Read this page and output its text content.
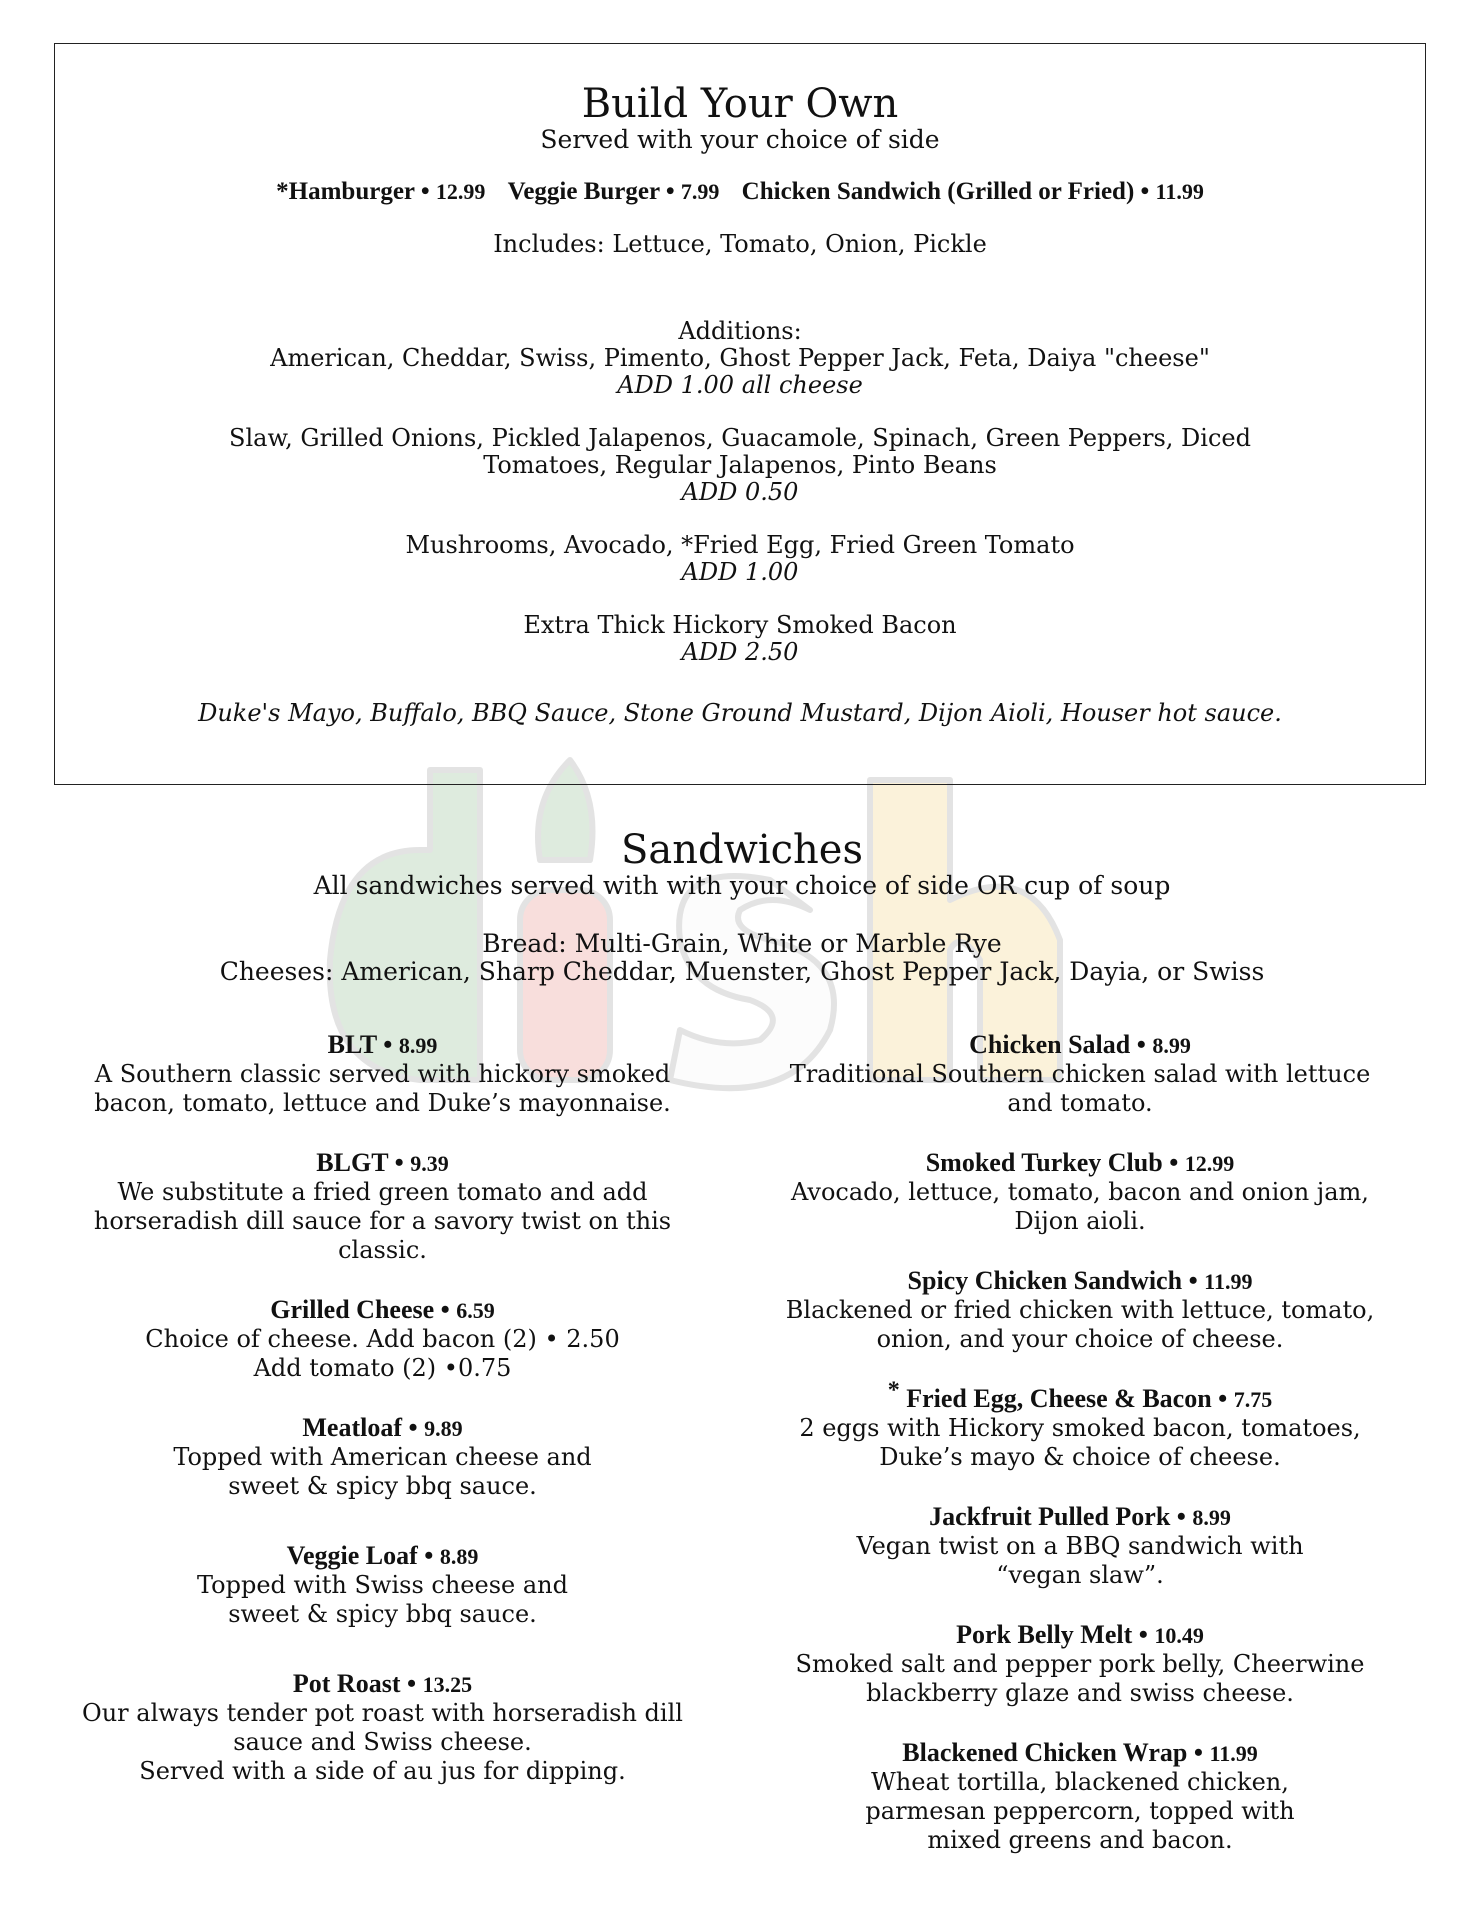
Build Your Own

Served with your choice of side

*Hamburger • 12.99 Veggie Burger • 7.99 Chicken Sandwich (Grilled or Fried) • 11.99

Includes: Lettuce, Tomato, Onion, Pickle

Additions:

American, Cheddar, Swiss, Pimento, Ghost Pepper Jack, Feta, Daiya "cheese"

ADD 1.00 all cheese

Slaw, Grilled Onions, Pickled Jalapenos, Guacamole, Spinach, Green Peppers, Diced

Tomatoes, Regular Jalapenos, Pinto Beans

ADD 0.50

Mushrooms, Avocado, *Fried Egg, Fried Green Tomato

ADD 1.00

Extra Thick Hickory Smoked Bacon

ADD 2.50

Duke's Mayo, Buffalo, BBQ Sauce, Stone Ground Mustard, Dijon Aioli, Houser hot sauce.

Sandwiches

All sandwiches served with with your choice of side OR cup of soup

Bread: Multi-Grain, White or Marble Rye

Cheeses: American, Sharp Cheddar, Muenster, Ghost Pepper Jack, Dayia, or Swiss

BLT • 8.99

A Southern classic served with hickory smoked

bacon, tomato, lettuce and Duke’s mayonnaise.

BLGT • 9.39

We substitute a fried green tomato and add

horseradish dill sauce for a savory twist on this

classic.

Grilled Cheese • 6.59

Choice of cheese. Add bacon (2) • 2.50

Add tomato (2) •0.75

Meatloaf • 9.89

Topped with American cheese and

sweet & spicy bbq sauce.

Veggie Loaf • 8.89

Topped with Swiss cheese and

sweet & spicy bbq sauce.

Pot Roast • 13.25

Our always tender pot roast with horseradish dill

sauce and Swiss cheese.

Served with a side of au jus for dipping.

Chicken Salad • 8.99

Traditional Southern chicken salad with lettuce

and tomato.

Smoked Turkey Club • 12.99

Avocado, lettuce, tomato, bacon and onion jam,

Dijon aioli.

Spicy Chicken Sandwich • 11.99

Blackened or fried chicken with lettuce, tomato,

onion, and your choice of cheese.

* Fried Egg, Cheese & Bacon • 7.75

2 eggs with Hickory smoked bacon, tomatoes,

Duke’s mayo & choice of cheese.

Jackfruit Pulled Pork • 8.99

Vegan twist on a BBQ sandwich with

“vegan slaw”.

Pork Belly Melt • 10.49

Smoked salt and pepper pork belly, Cheerwine

blackberry glaze and swiss cheese.

Blackened Chicken Wrap • 11.99

Wheat tortilla, blackened chicken,

parmesan peppercorn, topped with

mixed greens and bacon.
